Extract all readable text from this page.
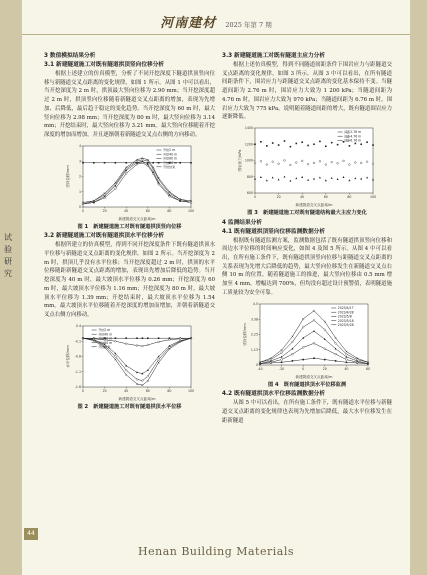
河南建材 2025 年第 7 期
试
验
研
究

3 数值模拟结果分析

3.1 新建隧道施工对既有隧道拱顶竖向位移分析

根据上述建立的仿真模型，分析了不同开挖深度下隧道拱顶竖向位移与新隧道交叉点距离的变化规律，如图 1 所示。从图 1 中可以看出，当开挖深度为 2 m 时，拱顶最大竖向位移为 2.90 mm；当开挖深度超过 2 m 时，拱顶竖向位移随着新隧道交叉点距离的增加，表现为先增加、后降低，最后趋于稳定的变化趋势。当开挖深度为 60 m 时，最大竖向位移为 2.98 mm；当开挖深度为 80 m 时，最大竖向位移为 3.14 mm；开挖结束时，最大竖向位移为 3.21 mm。最大竖向位移随着开挖深度的增加而增加，并且逐渐朝着新隧道交叉点右侧的方向移动。

0
1
2
3
4
0	20	40	60	80	100
新建隧道交叉点距离/m
竖向位移/mm
开挖2 m
开挖40 m
开挖60 m
开挖80 m
开挖结束

图 1　新建隧道施工对既有隧道拱顶竖向位移

3.2 新建隧道施工对既有隧道拱顶水平位移分析

根据所建立的仿真模型，得到不同开挖深度条件下既有隧道拱顶水平位移与新隧道交叉点距离的变化规律，如图 2 所示。当开挖深度为 2 m 时，拱顶几乎没有水平位移；当开挖深度超过 2 m 时，拱顶的水平位移随距新隧道交叉点距离的增加，表现出先增加后降低的趋势。当开挖深度为 40 m 时，最大坡顶水平位移为 0.26 mm；开挖深度为 60 m 时，最大坡顶水平位移为 1.16 mm；开挖深度为 80 m 时，最大坡顶水平位移为 1.39 mm；开挖结束时，最大坡顶水平位移为 1.54 mm。最大坡顶水平位移随着开挖深度的增加而增加，并朝着新隧道交叉点右侧方向移动。

-1.6
-1.1
-0.6
-0.1
0.4
0	20	40	60	80	100
新建隧道交叉点距离/m
水平位移/mm
开挖2 m
开挖40 m
开挖60 m
开挖80 m
开挖结束

图 2　新建隧道施工对既有隧道拱顶水平位移

3.3 新建隧道施工对既有隧道主应力分析

根据上述仿真模型，得到不同隧道间距条件下围岩应力与距隧道交叉点距离的变化规律，如图 3 所示。从图 3 中可以看出，在所有隧道间距条件下，围岩应力与距隧道交叉点距离的变化基本保持不变。当隧道间距为 2.76 m 时，围岩应力大致为 1 200 kPa；当隧道间距为 4.76 m 时，围岩应力大致为 970 kPa；当隧道间距为 6.76 m 时，围岩应力大致为 775 kPa。说明随着隧道间距的增大，既有隧道围岩应力逐渐降低。

600
800
1000
1200
1400
0	20	40	60	80	100
新建隧道交叉点距离/m
围岩应力/kPa
间距2.76 m
间距4.76 m
间距6.76 m

图 3　新建隧道施工对既有隧道结构最大主应力变化

4 监测结果分析

4.1 既有隧道拱顶竖向位移监测数据分析

根据既有隧道监测方案，监测数据包括了既有隧道拱顶竖向位移和周边水平位移的时间响应变化，如图 4 及图 5 所示。从图 4 中可以看出，在所有施工条件下，既有隧道拱顶竖向位移与距隧道交叉点距离的关系表现为先增大后降低的趋势，最大竖向位移发生在新隧道交叉点右侧 10 m 的位置。随着隧道施工的推进，最大竖向位移由 0.5 mm 增加至 4 mm，增幅达到 700%，但均没有超过设计预警值，表明隧道施工质量较为安全可靠。

0
1.13
2.25
3.38
4.5
-40	-20	0	20	40	60
新建隧道交叉点距离/m
竖向位移/mm
2023/4/17
2023/4/28
2023/5/8
2023/5/18
2023/5/28

图 4　既有隧道拱顶水平位移监测

4.2 既有隧道拱顶水平位移监测数据分析

从图 5 中可以看出，在所有施工条件下，既有隧道水平位移与新隧道交叉点距离的变化规律也表现为先增加后降低，最大水平位移发生在距新隧道

44
Henan Building Materials
